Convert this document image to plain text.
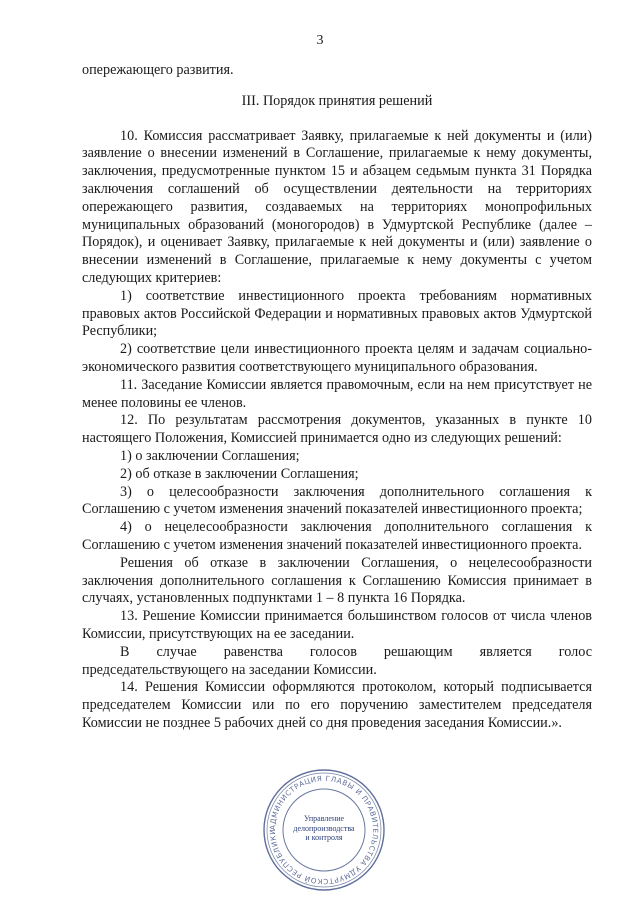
3

опережающего развития.

III. Порядок принятия решений

10. Комиссия рассматривает Заявку, прилагаемые к ней документы и (или) заявление о внесении изменений в Соглашение, прилагаемые к нему документы, заключения, предусмотренные пунктом 15 и абзацем седьмым пункта 31 Порядка заключения соглашений об осуществлении деятельности на территориях опережающего развития, создаваемых на территориях монопрофильных муниципальных образований (моногородов) в Удмуртской Республике (далее – Порядок), и оценивает Заявку, прилагаемые к ней документы и (или) заявление о внесении изменений в Соглашение, прилагаемые к нему документы с учетом следующих критериев:

1) соответствие инвестиционного проекта требованиям нормативных правовых актов Российской Федерации и нормативных правовых актов Удмуртской Республики;

2) соответствие цели инвестиционного проекта целям и задачам социально-экономического развития соответствующего муниципального образования.

11. Заседание Комиссии является правомочным, если на нем присутствует не менее половины ее членов.

12. По результатам рассмотрения документов, указанных в пункте 10 настоящего Положения, Комиссией принимается одно из следующих решений:

1) о заключении Соглашения;

2) об отказе в заключении Соглашения;

3) о целесообразности заключения дополнительного соглашения к Соглашению с учетом изменения значений показателей инвестиционного проекта;

4) о нецелесообразности заключения дополнительного соглашения к Соглашению с учетом изменения значений показателей инвестиционного проекта.

Решения об отказе в заключении Соглашения, о нецелесообразности заключения дополнительного соглашения к Соглашению Комиссия принимает в случаях, установленных подпунктами 1 – 8 пункта 16 Порядка.

13. Решение Комиссии принимается большинством голосов от числа членов Комиссии, присутствующих на ее заседании.

В случае равенства голосов решающим является голос председательствующего на заседании Комиссии.

14. Решения Комиссии оформляются протоколом, который подписывается председателем Комиссии или по его поручению заместителем председателя Комиссии не позднее 5 рабочих дней со дня проведения заседания Комиссии.».

АДМИНИСТРАЦИЯ ГЛАВЫ И ПРАВИТЕЛЬСТВА УДМУРТСКОЙ РЕСПУБЛИКИ
Управление
делопроизводства
и контроля
